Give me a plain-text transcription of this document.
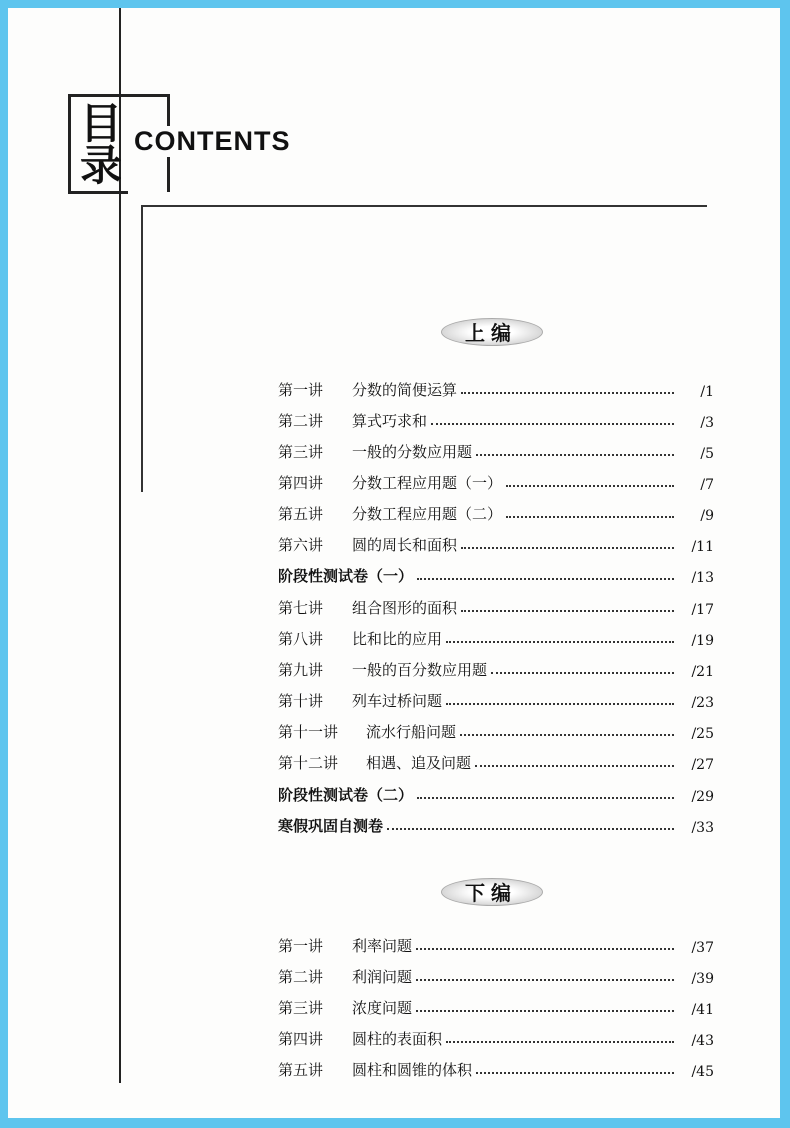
目
录 CONTENTS
上编
第一讲	分数的简便运算	/1
第二讲	算式巧求和	/3
第三讲	一般的分数应用题	/5
第四讲	分数工程应用题（一）	/7
第五讲	分数工程应用题（二）	/9
第六讲	圆的周长和面积	/11
阶段性测试卷（一）	/13
第七讲	组合图形的面积	/17
第八讲	比和比的应用	/19
第九讲	一般的百分数应用题	/21
第十讲	列车过桥问题	/23
第十一讲	流水行船问题	/25
第十二讲	相遇、追及问题	/27
阶段性测试卷（二）	/29
寒假巩固自测卷	/33
下编
第一讲	利率问题	/37
第二讲	利润问题	/39
第三讲	浓度问题	/41
第四讲	圆柱的表面积	/43
第五讲	圆柱和圆锥的体积	/45
